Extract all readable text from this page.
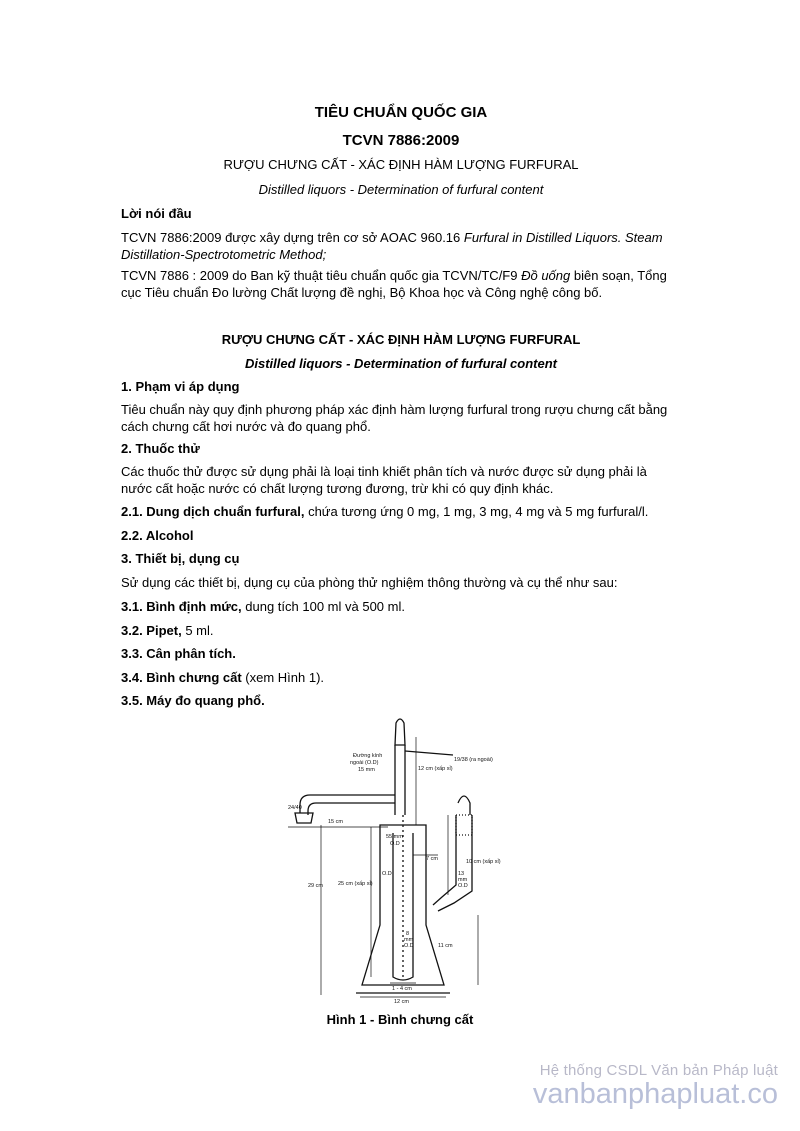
TIÊU CHUẨN QUỐC GIA
TCVN 7886:2009
RƯỢU CHƯNG CẤT - XÁC ĐỊNH HÀM LƯỢNG FURFURAL
Distilled liquors - Determination of furfural content
Lời nói đầu
TCVN 7886:2009 được xây dựng trên cơ sở AOAC 960.16 Furfural in Distilled Liquors. Steam Distillation-Spectrotometric Method;
TCVN 7886 : 2009 do Ban kỹ thuật tiêu chuẩn quốc gia TCVN/TC/F9 Đồ uống biên soạn, Tổng cục Tiêu chuẩn Đo lường Chất lượng đề nghị, Bộ Khoa học và Công nghệ công bố.
RƯỢU CHƯNG CẤT - XÁC ĐỊNH HÀM LƯỢNG FURFURAL
Distilled liquors - Determination of furfural content
1. Phạm vi áp dụng
Tiêu chuẩn này quy định phương pháp xác định hàm lượng furfural trong rượu chưng cất bằng cách chưng cất hơi nước và đo quang phổ.
2. Thuốc thử
Các thuốc thử được sử dụng phải là loại tinh khiết phân tích và nước được sử dụng phải là nước cất hoặc nước có chất lượng tương đương, trừ khi có quy định khác.
2.1. Dung dịch chuẩn furfural, chứa tương ứng 0 mg, 1 mg, 3 mg, 4 mg và 5 mg furfural/l.
2.2. Alcohol
3. Thiết bị, dụng cụ
Sử dụng các thiết bị, dụng cụ của phòng thử nghiệm thông thường và cụ thể như sau:
3.1. Bình định mức, dung tích 100 ml và 500 ml.
3.2. Pipet, 5 ml.
3.3. Cân phân tích.
3.4. Bình chưng cất (xem Hình 1).
3.5. Máy đo quang phổ.
Đường kính
ngoài (O.D)
15 mm
19/38 (ra ngoài)
24/40
12 cm (xấp xỉ)
15 cm
55 mm
O.D
7 cm	10 cm (xấp xỉ)
29 cm	25 cm (xấp xỉ)
O.D	13
mm
O.D
8
mm
O.D	11 cm
1 - 4 cm
12 cm
Hình 1 - Bình chưng cất
Hệ thống CSDL Văn bản Pháp luật
vanbanphapluat.co
